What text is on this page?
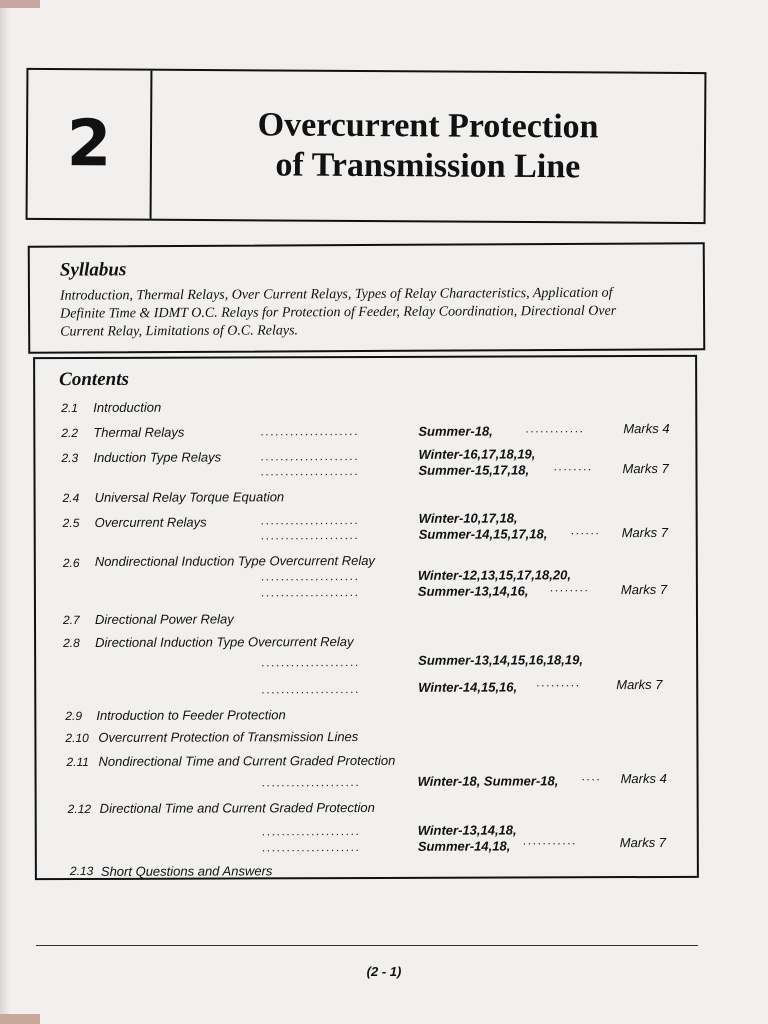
2	Overcurrent Protection
of Transmission Line
Syllabus
Introduction, Thermal Relays, Over Current Relays, Types of Relay Characteristics, Application of
Definite Time & IDMT O.C. Relays for Protection of Feeder, Relay Coordination, Directional Over
Current Relay, Limitations of O.C. Relays.
Contents
2.1 Introduction
2.2 Thermal Relays	....................	Summer-18,	............	Marks 4
2.3 Induction Type Relays	....................	Winter-16,17,18,19,
....................	Summer-15,17,18, ........ Marks 7
2.4 Universal Relay Torque Equation
2.5 Overcurrent Relays	....................	Winter-10,17,18,
....................	Summer-14,15,17,18, ...... Marks 7
2.6 Nondirectional Induction Type Overcurrent Relay
....................	Winter-12,13,15,17,18,20,
....................	Summer-13,14,16, ........ Marks 7
2.7 Directional Power Relay
2.8 Directional Induction Type Overcurrent Relay
....................	Summer-13,14,15,16,18,19,
....................	Winter-14,15,16, .........	Marks 7
2.9 Introduction to Feeder Protection
2.10 Overcurrent Protection of Transmission Lines
2.11 Nondirectional Time and Current Graded Protection
....................	Winter-18, Summer-18, .... Marks 4
2.12 Directional Time and Current Graded Protection
....................	Winter-13,14,18,
....................	Summer-14,18, ...........	Marks 7
2.13 Short Questions and Answers
(2 - 1)
